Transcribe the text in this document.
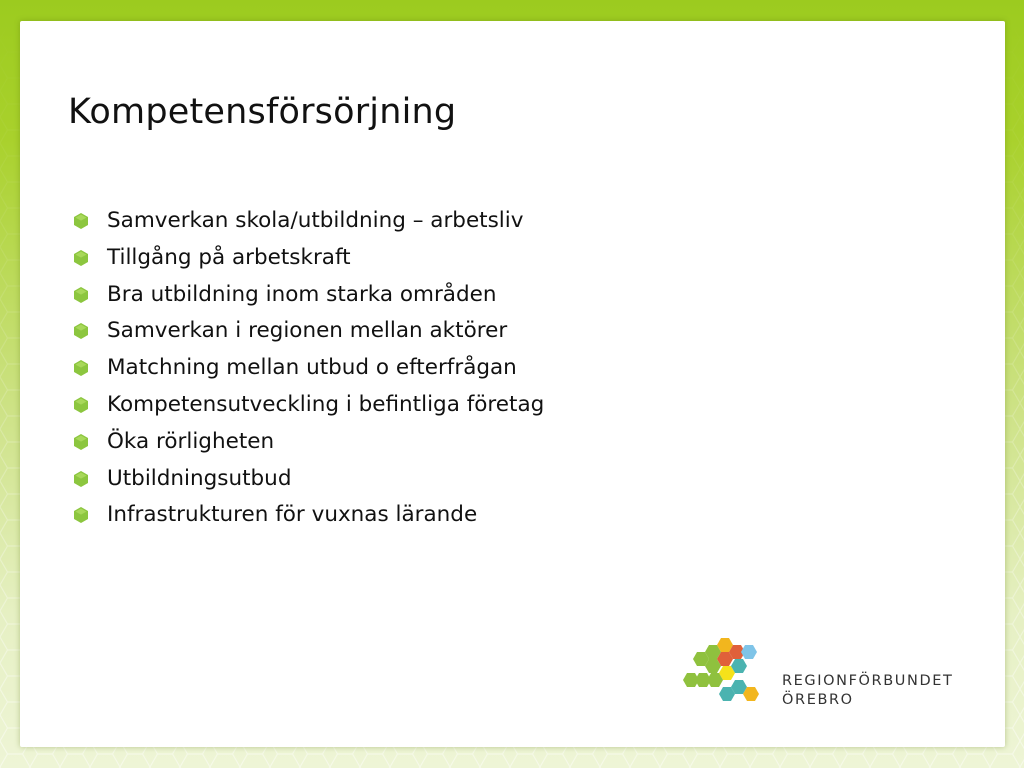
Kompetensförsörjning
Samverkan skola/utbildning – arbetsliv
Tillgång på arbetskraft
Bra utbildning inom starka områden
Samverkan i regionen mellan aktörer
Matchning mellan utbud o efterfrågan
Kompetensutveckling i befintliga företag
Öka rörligheten
Utbildningsutbud
Infrastrukturen för vuxnas lärande
REGIONFÖRBUNDET
ÖREBRO
